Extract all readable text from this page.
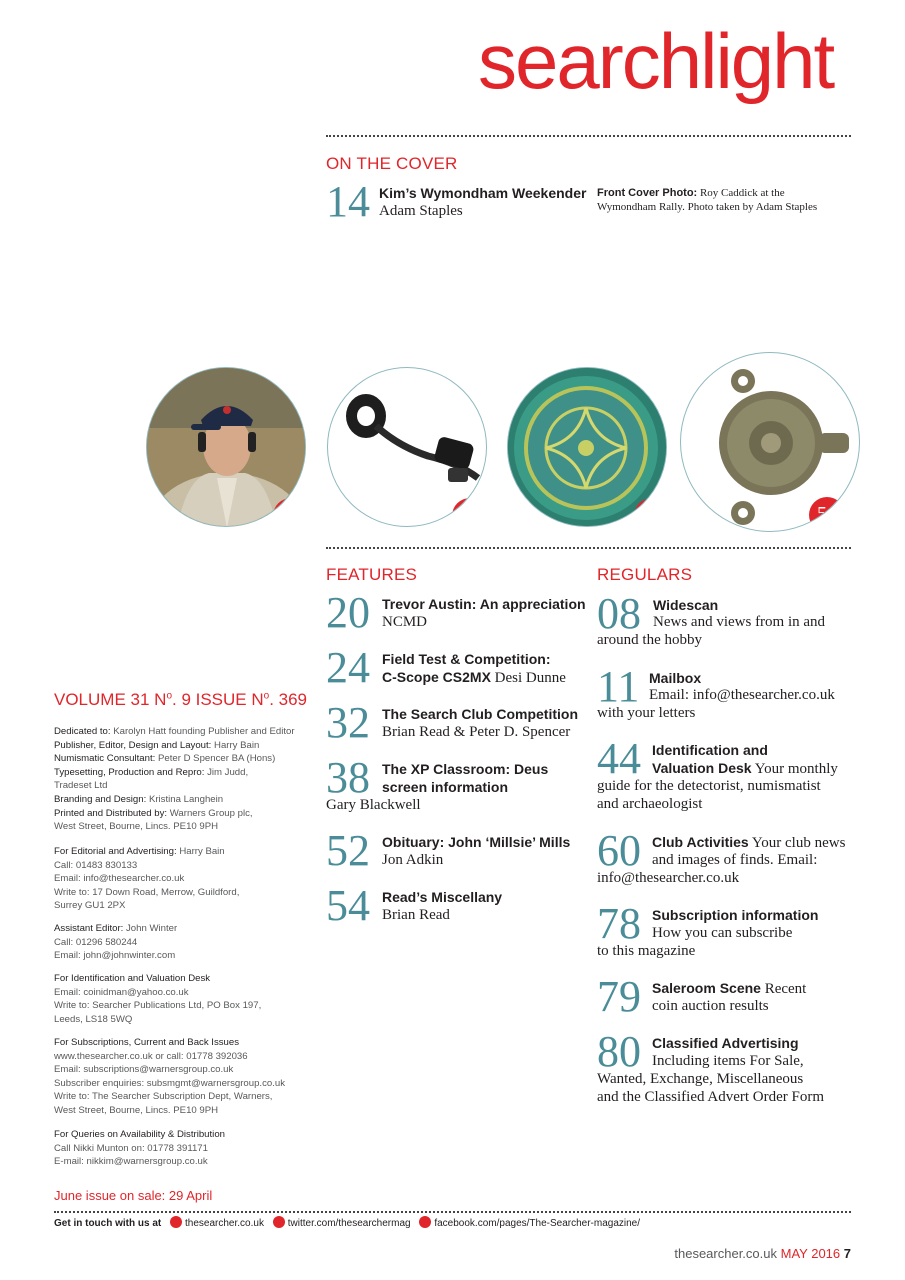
searchlight
ON THE COVER
14 Kim’s Wymondham Weekender
Adam Staples
Front Cover Photo: Roy Caddick at the
Wymondham Rally. Photo taken by Adam Staples
20	24	32	54
FEATURES
20 Trevor Austin: An appreciation
NCMD
24 Field Test & Competition:
C-Scope CS2MX Desi Dunne
32 The Search Club Competition
Brian Read & Peter D. Spencer
38 The XP Classroom: Deus
screen information
Gary Blackwell
52 Obituary: John ‘Millsie’ Mills
Jon Adkin
54 Read’s Miscellany
Brian Read
REGULARS
08 Widescan
News and views from in and
around the hobby
11 Mailbox
Email: info@thesearcher.co.uk
with your letters
44 Identification and
Valuation Desk Your monthly
guide for the detectorist, numismatist
and archaeologist
60 Club Activities Your club news
and images of finds. Email:
info@thesearcher.co.uk
78 Subscription information
How you can subscribe
to this magazine
79 Saleroom Scene Recent
coin auction results
80 Classified Advertising
Including items For Sale,
Wanted, Exchange, Miscellaneous
and the Classified Advert Order Form
VOLUME 31 $N^o$. 9 ISSUE $N^o$. 369
Dedicated to: Karolyn Hatt founding Publisher and Editor
Publisher, Editor, Design and Layout: Harry Bain
Numismatic Consultant: Peter D Spencer BA (Hons)
Typesetting, Production and Repro: Jim Judd,
Tradeset Ltd
Branding and Design: Kristina Langhein
Printed and Distributed by: Warners Group plc,
West Street, Bourne, Lincs. PE10 9PH
For Editorial and Advertising: Harry Bain
Call: 01483 830133
Email: info@thesearcher.co.uk
Write to: 17 Down Road, Merrow, Guildford,
Surrey GU1 2PX
Assistant Editor: John Winter
Call: 01296 580244
Email: john@johnwinter.com
For Identification and Valuation Desk
Email: coinidman@yahoo.co.uk
Write to: Searcher Publications Ltd, PO Box 197,
Leeds, LS18 5WQ
For Subscriptions, Current and Back Issues
www.thesearcher.co.uk or call: 01778 392036
Email: subscriptions@warnersgroup.co.uk
Subscriber enquiries: subsmgmt@warnersgroup.co.uk
Write to: The Searcher Subscription Dept, Warners,
West Street, Bourne, Lincs. PE10 9PH
For Queries on Availability & Distribution
Call Nikki Munton on: 01778 391171
E-mail: nikkim@warnersgroup.co.uk
June issue on sale: 29 April
Get in touch with us at thesearcher.co.uk twitter.com/thesearchermag facebook.com/pages/The-Searcher-magazine/
thesearcher.co.uk MAY 2016 7
